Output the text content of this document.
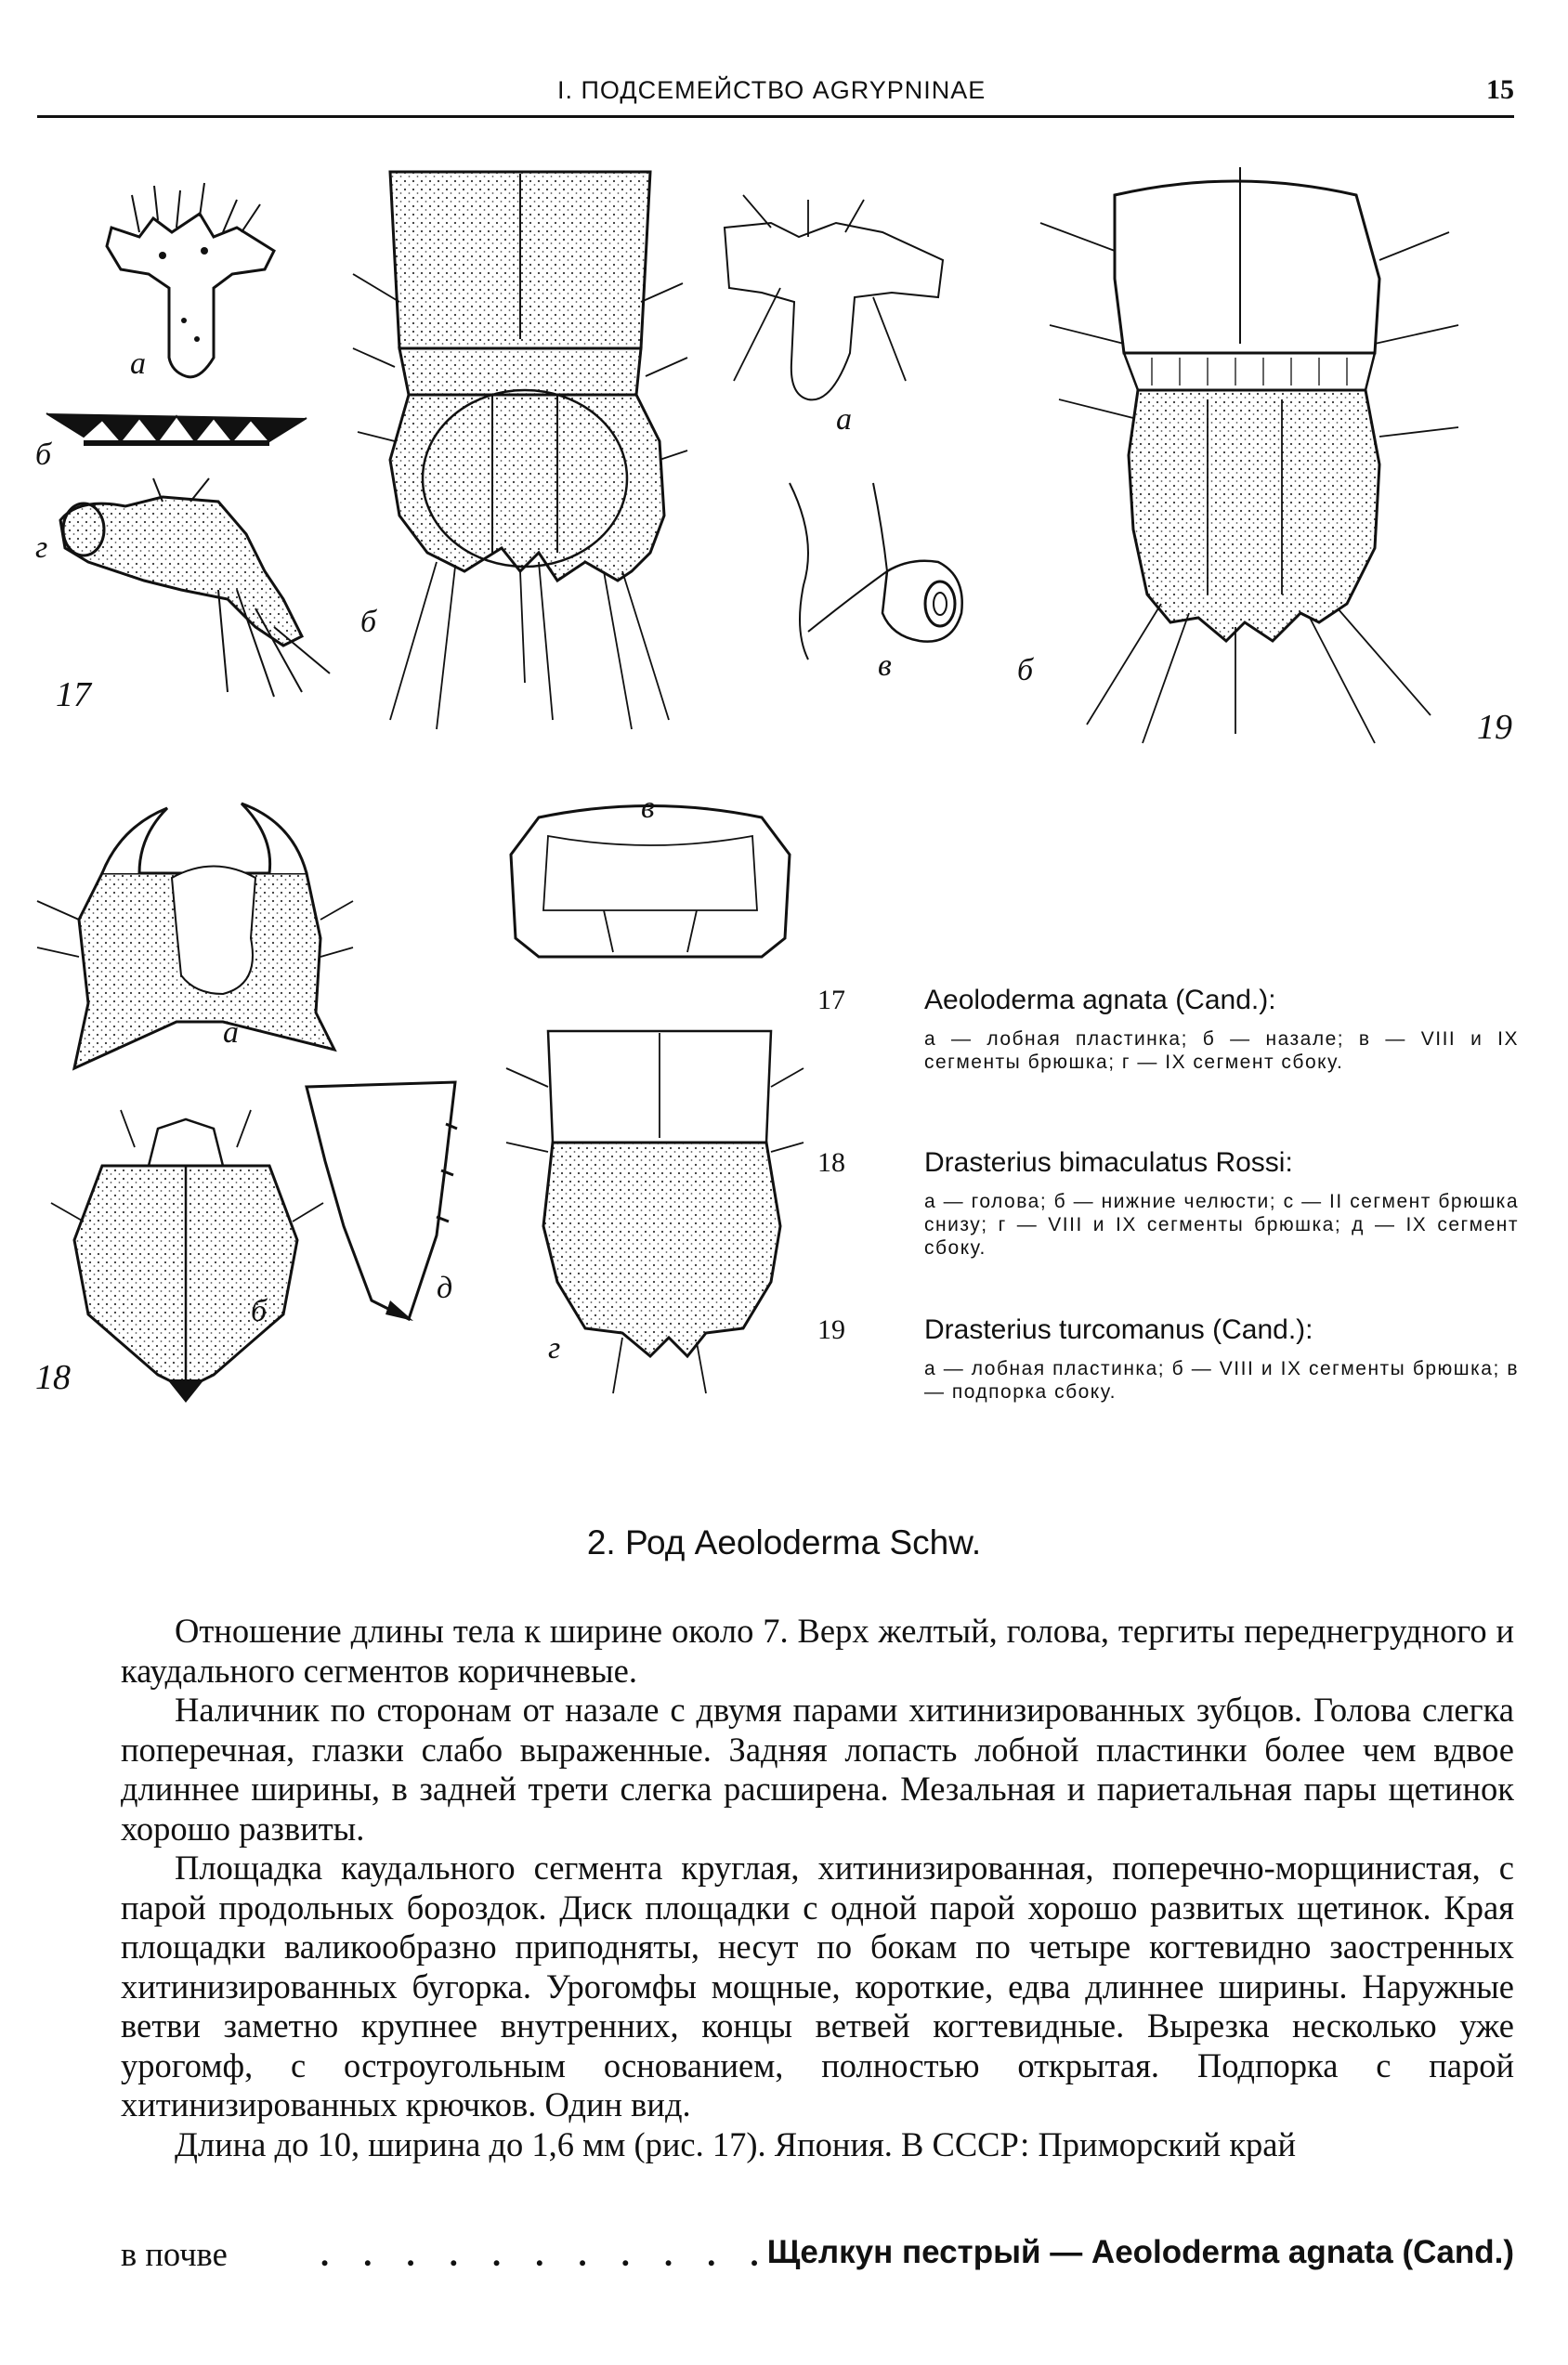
I. ПОДСЕМЕЙСТВО AGRYPNINAE	15
а
б
г
17
б
а
в	б
19
а
б
18
в
д
г
17	Aeoloderma agnata (Cand.):
а — лобная пластинка; б — назале; в — VIII и IX сегменты брюшка; г — IX сегмент сбоку.
18	Drasterius bimaculatus Rossi:
а — голова; б — нижние челюсти; с — II сегмент брюшка снизу; г — VIII и IX сегменты брюшка; д — IX сегмент сбоку.
19	Drasterius turcomanus (Cand.):
а — лобная пластинка; б — VIII и IX сегменты брюшка; в — подпорка сбоку.
2. Род Aeoloderma Schw.

Отношение длины тела к ширине около 7. Верх желтый, голова, тергиты переднегрудного и каудального сегментов коричневые.

Наличник по сторонам от назале с двумя парами хитинизированных зубцов. Голова слегка поперечная, глазки слабо выраженные. Задняя лопасть лобной пластинки более чем вдвое длиннее ширины, в задней трети слегка расширена. Мезальная и париетальная пары щетинок хорошо развиты.

Площадка каудального сегмента круглая, хитинизированная, поперечно-морщинистая, с парой продольных бороздок. Диск площадки с одной парой хорошо развитых щетинок. Края площадки валикообразно приподняты, несут по бокам по четыре когтевидно заостренных хитинизированных бугорка. Урогомфы мощные, короткие, едва длиннее ширины. Наружные ветви заметно крупнее внутренних, концы ветвей когтевидные. Вырезка несколько уже урогомф, с остроугольным основанием, полностью открытая. Подпорка с парой хитинизированных крючков. Один вид.

Длина до 10, ширина до 1,6 мм (рис. 17). Япония. В СССР: Приморский край

в почве	. . . . . . . . . . .
Щелкун пестрый — Aeoloderma agnata (Cand.)
